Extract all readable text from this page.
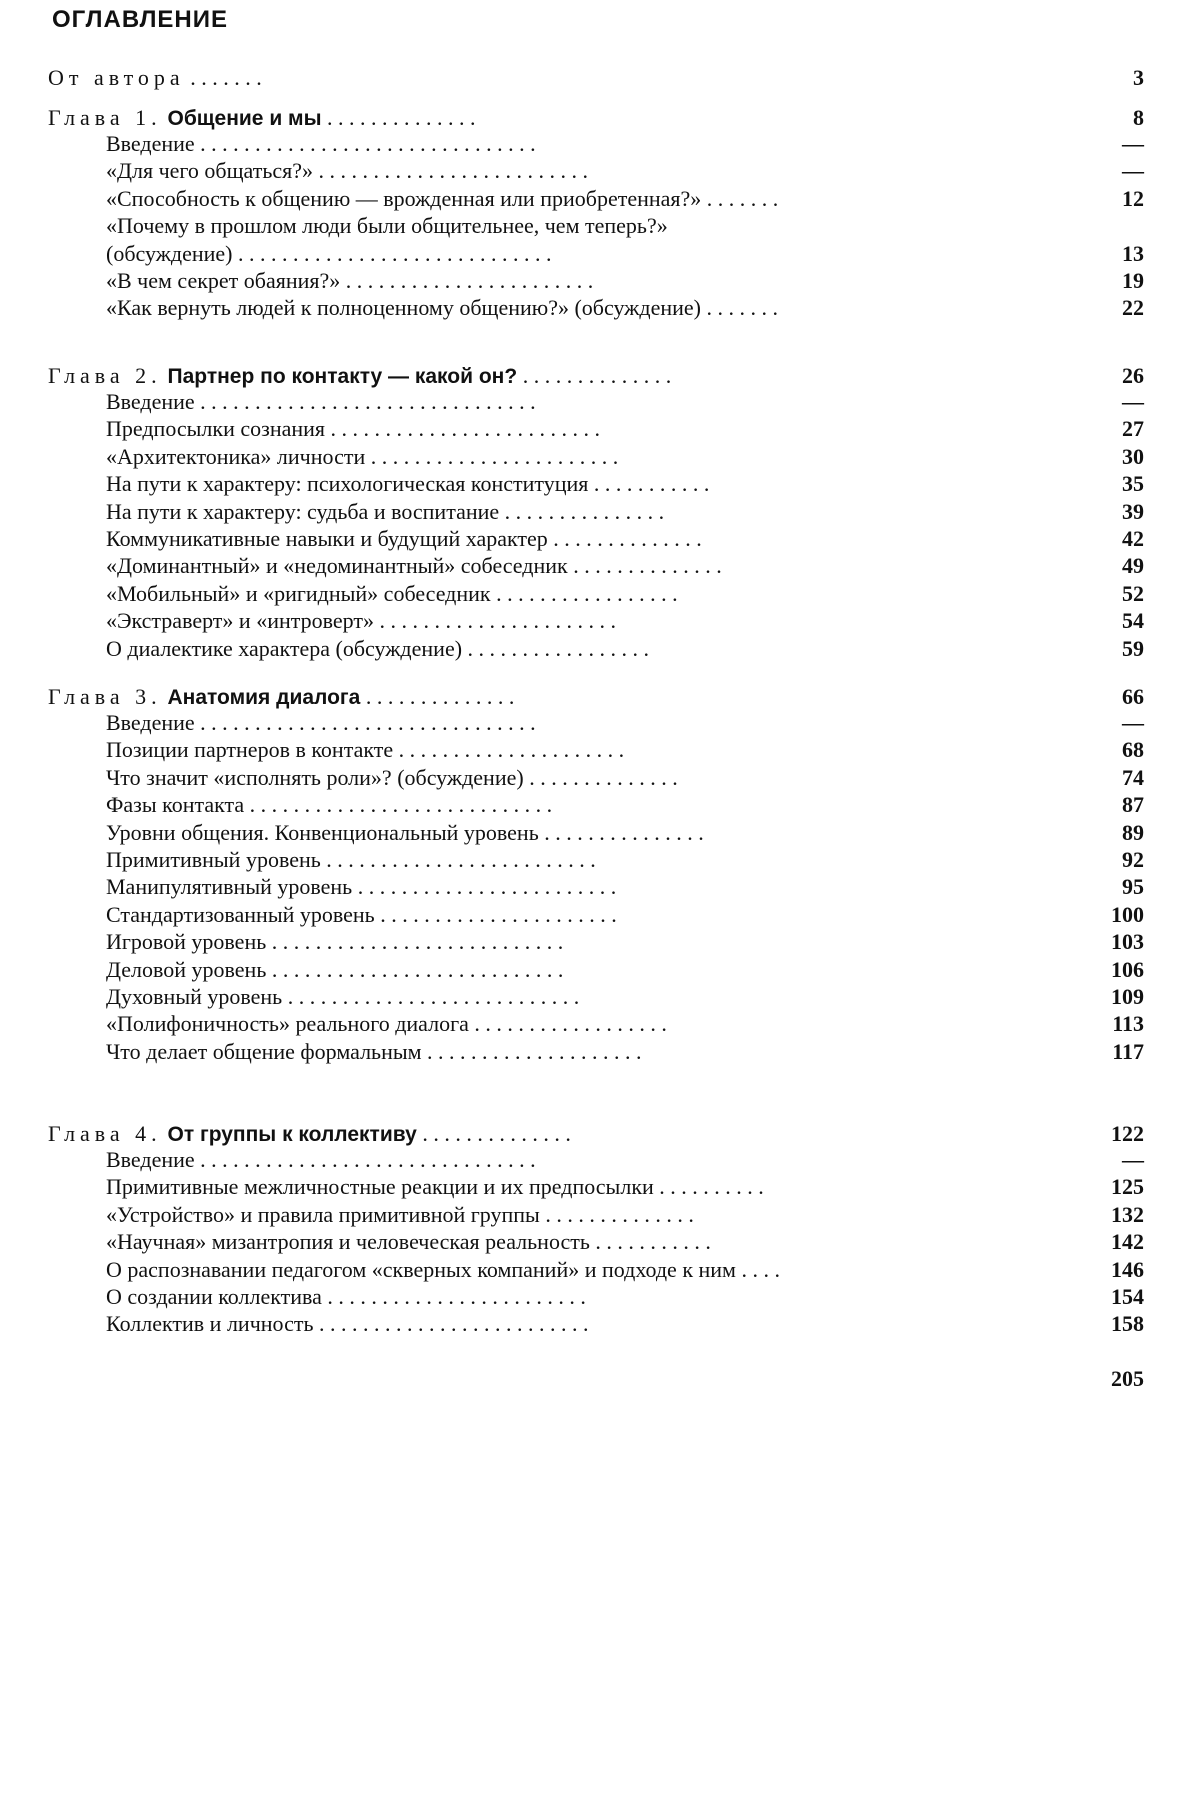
ОГЛАВЛЕНИЕ
От автора . . . . . . .	3
Глава 1. Общение и мы . . . . . . . . . . . . . .	8
Введение . . . . . . . . . . . . . . . . . . . . . . . . . . . . . . .	—
«Для чего общаться?» . . . . . . . . . . . . . . . . . . . . . . . . .	—
«Способность к общению — врожденная или приобретенная?» . . . . . . .	12
«Почему в прошлом люди были общительнее, чем теперь?»
(обсуждение) . . . . . . . . . . . . . . . . . . . . . . . . . . . . .	13
«В чем секрет обаяния?» . . . . . . . . . . . . . . . . . . . . . . .	19
«Как вернуть людей к полноценному общению?» (обсуждение) . . . . . . .	22
Глава 2. Партнер по контакту — какой он? . . . . . . . . . . . . . .	26
Введение . . . . . . . . . . . . . . . . . . . . . . . . . . . . . . .	—
Предпосылки сознания . . . . . . . . . . . . . . . . . . . . . . . . .	27
«Архитектоника» личности . . . . . . . . . . . . . . . . . . . . . . .	30
На пути к характеру: психологическая конституция . . . . . . . . . . .	35
На пути к характеру: судьба и воспитание . . . . . . . . . . . . . . .	39
Коммуникативные навыки и будущий характер . . . . . . . . . . . . . .	42
«Доминантный» и «недоминантный» собеседник . . . . . . . . . . . . . .	49
«Мобильный» и «ригидный» собеседник . . . . . . . . . . . . . . . . .	52
«Экстраверт» и «интроверт» . . . . . . . . . . . . . . . . . . . . . .	54
О диалектике характера (обсуждение) . . . . . . . . . . . . . . . . .	59
Глава 3. Анатомия диалога . . . . . . . . . . . . . .	66
Введение . . . . . . . . . . . . . . . . . . . . . . . . . . . . . . .	—
Позиции партнеров в контакте . . . . . . . . . . . . . . . . . . . . .	68
Что значит «исполнять роли»? (обсуждение) . . . . . . . . . . . . . .	74
Фазы контакта . . . . . . . . . . . . . . . . . . . . . . . . . . . .	87
Уровни общения. Конвенциональный уровень . . . . . . . . . . . . . . .	89
Примитивный уровень . . . . . . . . . . . . . . . . . . . . . . . . .	92
Манипулятивный уровень . . . . . . . . . . . . . . . . . . . . . . . .	95
Стандартизованный уровень . . . . . . . . . . . . . . . . . . . . . .	100
Игровой уровень . . . . . . . . . . . . . . . . . . . . . . . . . . .	103
Деловой уровень . . . . . . . . . . . . . . . . . . . . . . . . . . .	106
Духовный уровень . . . . . . . . . . . . . . . . . . . . . . . . . . .	109
«Полифоничность» реального диалога . . . . . . . . . . . . . . . . . .	113
Что делает общение формальным . . . . . . . . . . . . . . . . . . . .	117
Глава 4. От группы к коллективу . . . . . . . . . . . . . .	122
Введение . . . . . . . . . . . . . . . . . . . . . . . . . . . . . . .	—
Примитивные межличностные реакции и их предпосылки . . . . . . . . . .	125
«Устройство» и правила примитивной группы . . . . . . . . . . . . . .	132
«Научная» мизантропия и человеческая реальность . . . . . . . . . . .	142
О распознавании педагогом «скверных компаний» и подходе к ним . . . .	146
О создании коллектива . . . . . . . . . . . . . . . . . . . . . . . .	154
Коллектив и личность . . . . . . . . . . . . . . . . . . . . . . . . .	158
205
